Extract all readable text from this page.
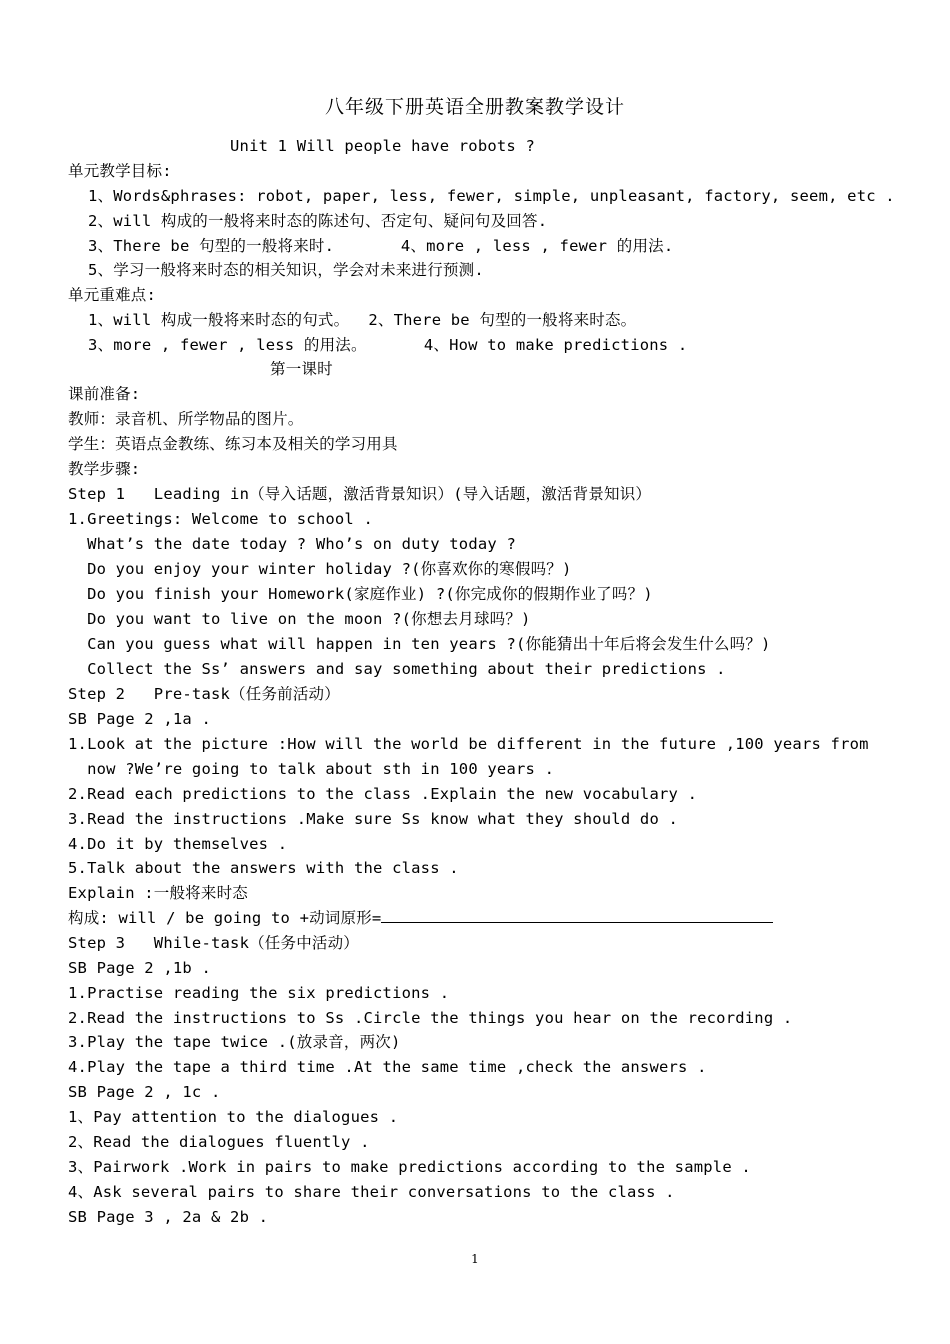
八年级下册英语全册教案教学设计
Unit 1 Will people have robots ?
单元教学目标:
1、Words&phrases: robot, paper, less, fewer, simple, unpleasant, factory, seem, etc .
2、will 构成的一般将来时态的陈述句、否定句、疑问句及回答.
3、There be 句型的一般将来时.       4、more , less , fewer 的用法.
5、学习一般将来时态的相关知识，学会对未来进行预测.
单元重难点:
1、will 构成一般将来时态的句式。  2、There be 句型的一般将来时态。
3、more , fewer , less 的用法。      4、How to make predictions .
第一课时
课前准备:
教师：录音机、所学物品的图片。
学生：英语点金教练、练习本及相关的学习用具
教学步骤:
Step 1   Leading in（导入话题，激活背景知识）(导入话题，激活背景知识）
1.Greetings: Welcome to school .
What’s the date today ? Who’s on duty today ?
Do you enjoy your winter holiday ?(你喜欢你的寒假吗？)
Do you finish your Homework(家庭作业) ?(你完成你的假期作业了吗？)
Do you want to live on the moon ?(你想去月球吗？)
Can you guess what will happen in ten years ?(你能猜出十年后将会发生什么吗？)
Collect the Ss’ answers and say something about their predictions .
Step 2   Pre-task（任务前活动）
SB Page 2 ,1a .
1.Look at the picture :How will the world be different in the future ,100 years from
now ?We’re going to talk about sth in 100 years .
2.Read each predictions to the class .Explain the new vocabulary .
3.Read the instructions .Make sure Ss know what they should do .
4.Do it by themselves .
5.Talk about the answers with the class .
Explain :一般将来时态
构成: will / be going to +动词原形=
Step 3   While-task（任务中活动）
SB Page 2 ,1b .
1.Practise reading the six predictions .
2.Read the instructions to Ss .Circle the things you hear on the recording .
3.Play the tape twice .(放录音，两次)
4.Play the tape a third time .At the same time ,check the answers .
SB Page 2 , 1c .
1、Pay attention to the dialogues .
2、Read the dialogues fluently .
3、Pairwork .Work in pairs to make predictions according to the sample .
4、Ask several pairs to share their conversations to the class .
SB Page 3 , 2a & 2b .
1
